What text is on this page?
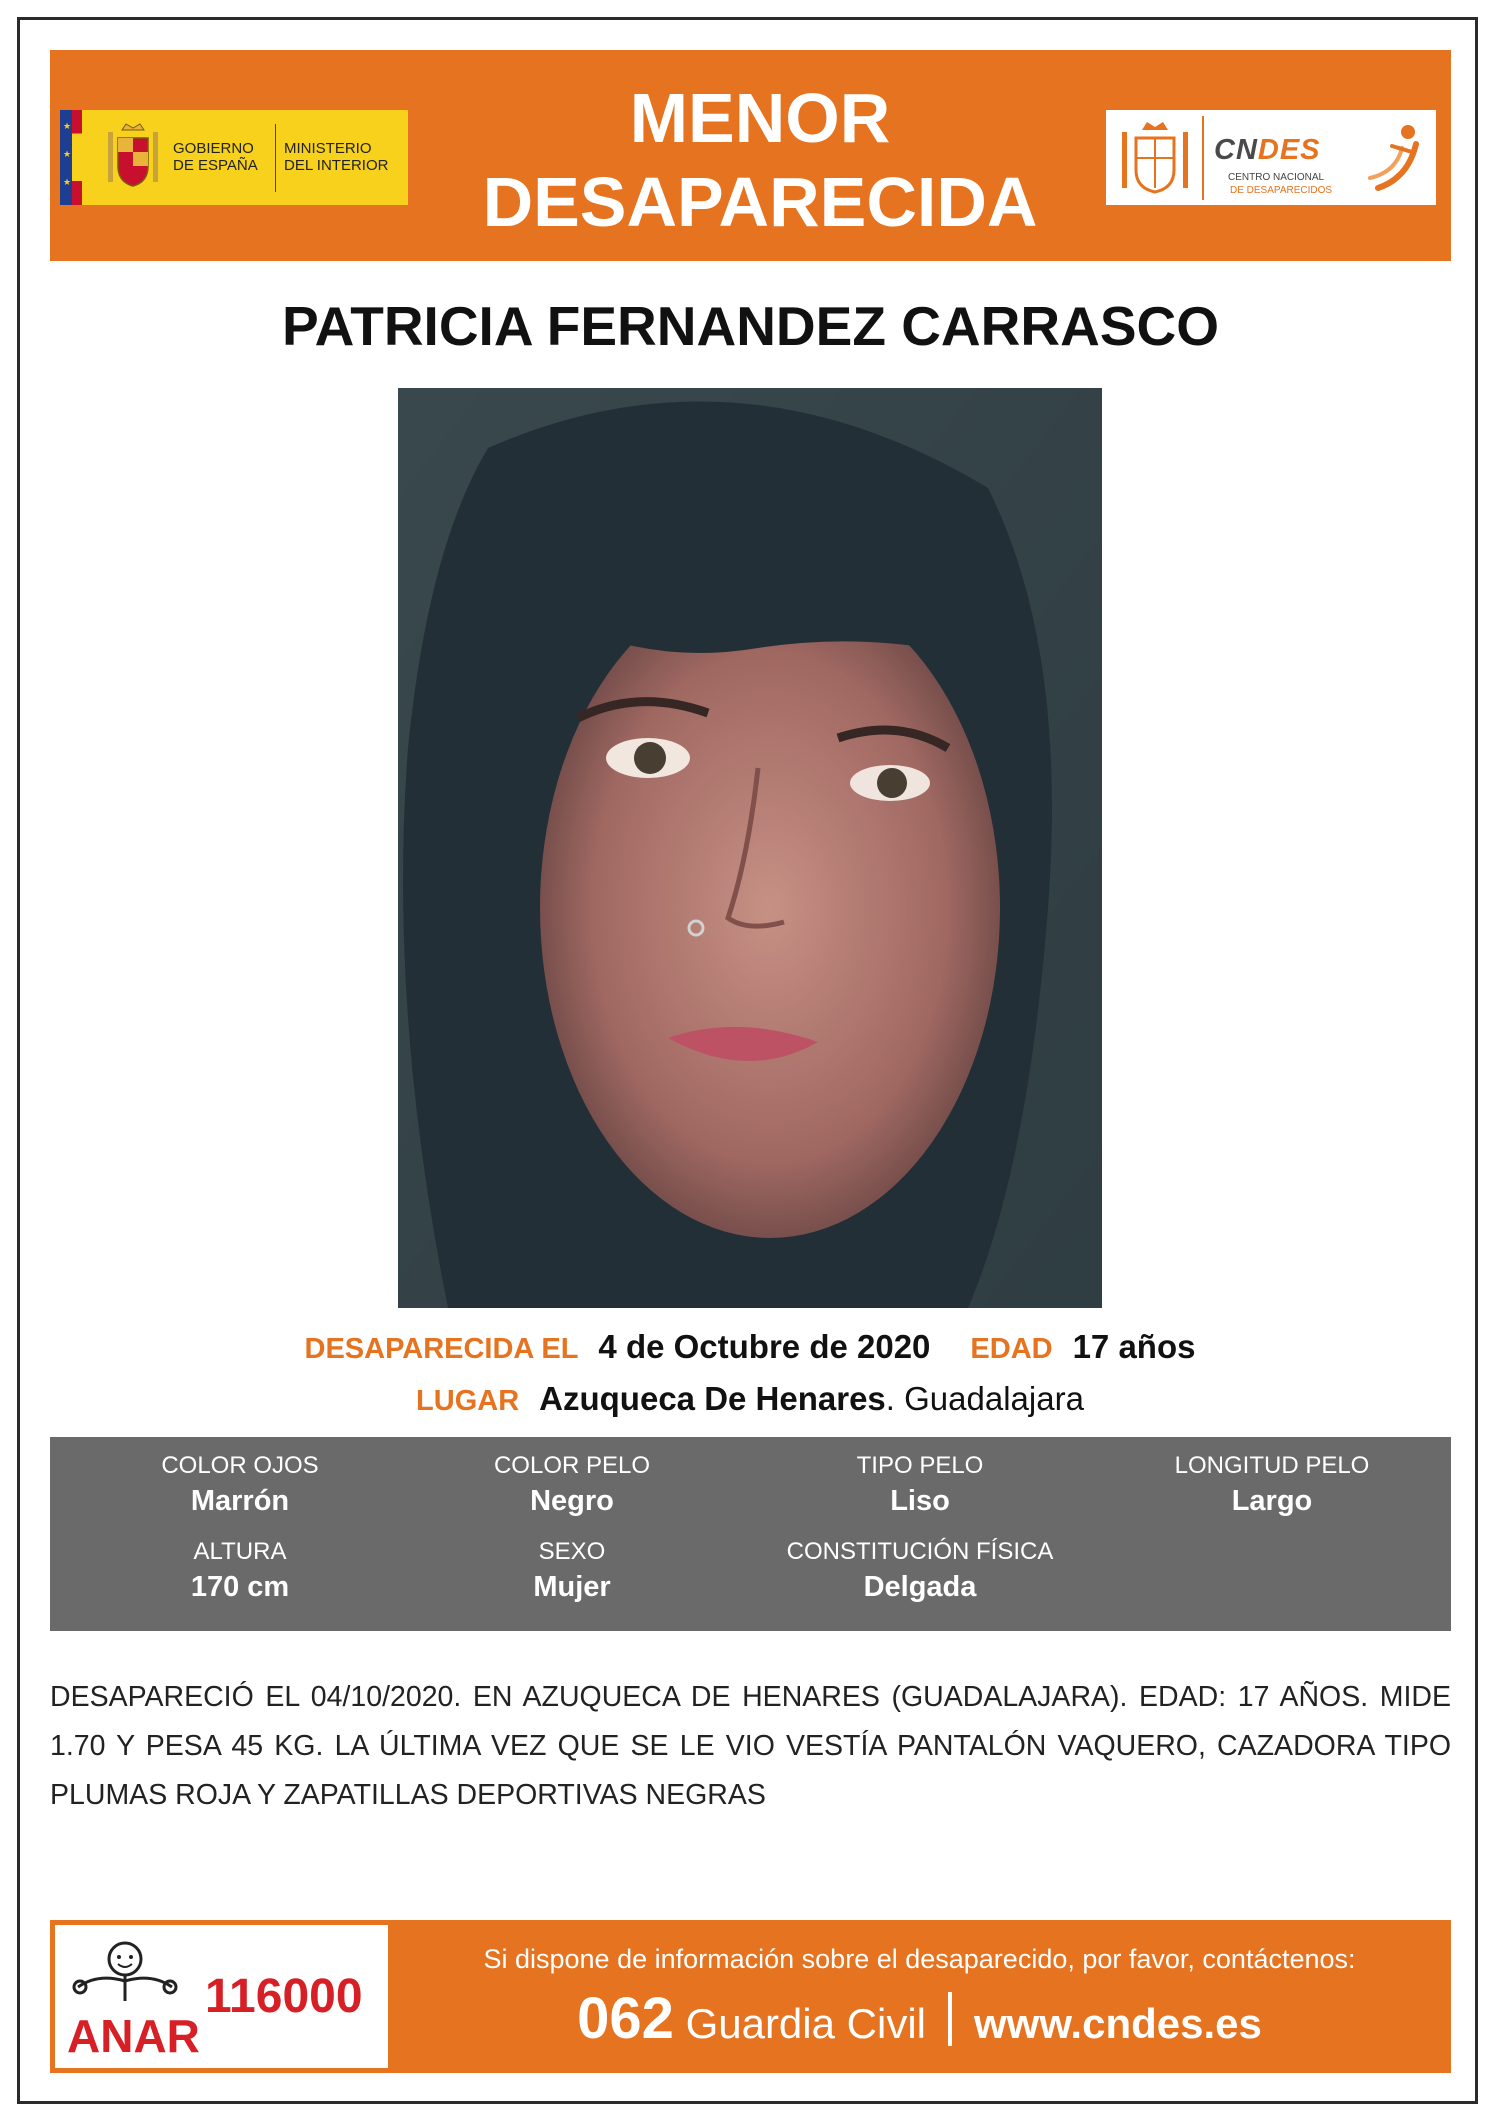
★
★
★
GOBIERNO
DE ESPAÑA
MINISTERIO
DEL INTERIOR
MENOR
DESAPARECIDA
CNDES
CENTRO NACIONAL
DE DESAPARECIDOS
PATRICIA FERNANDEZ CARRASCO
DESAPARECIDA EL 4 de Octubre de 2020 EDAD 17 años
LUGAR Azuqueca De Henares. Guadalajara
COLOR OJOS
Marrón
COLOR PELO
Negro
TIPO PELO
Liso
LONGITUD PELO
Largo
ALTURA
170 cm
SEXO
Mujer
CONSTITUCIÓN FÍSICA
Delgada
DESAPARECIÓ EL 04/10/2020. EN AZUQUECA DE HENARES (GUADALAJARA). EDAD: 17 AÑOS. MIDE 1.70 Y PESA 45 KG. LA ÚLTIMA VEZ QUE SE LE VIO VESTÍA PANTALÓN VAQUERO, CAZADORA TIPO PLUMAS ROJA Y ZAPATILLAS DEPORTIVAS NEGRAS
ANAR
116000
Si dispone de información sobre el desaparecido, por favor, contáctenos:
062 Guardia Civil www.cndes.es
